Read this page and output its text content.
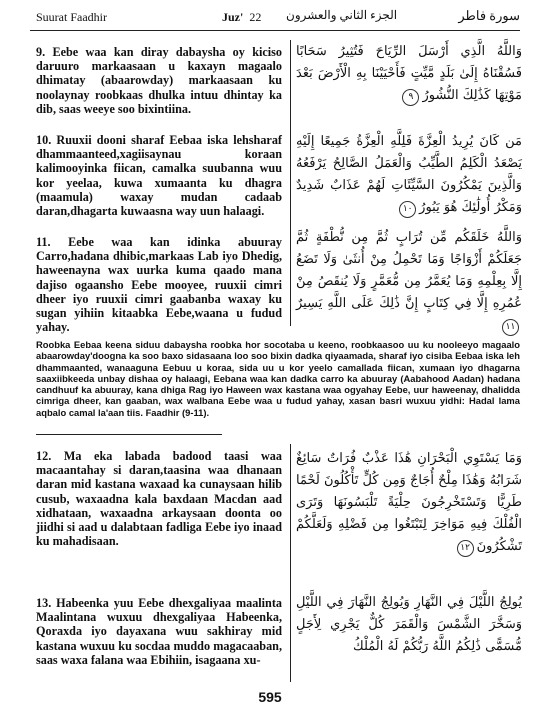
Suurat Faadhir	Juz' 22 الجزء الثاني والعشرون	سورة فاطر

9. Eebe waa kan diray dabaysha oy kiciso daruuro markaasaan u kaxayn magaalo dhimatay (abaarowday) markaasaan ku noolaynay roobkaas dhulka intuu dhintay ka dib, saas weeye soo bixintiina.

وَاللَّهُ الَّذِي أَرْسَلَ الرِّيَاحَ فَتُثِيرُ سَحَابًا فَسُقْنَاهُ إِلَىٰ بَلَدٍ مَّيِّتٍ فَأَحْيَيْنَا بِهِ الْأَرْضَ بَعْدَ مَوْتِهَا كَذَٰلِكَ النُّشُورُ٩

10. Ruuxii dooni sharaf Eebaa iska lehsharaf dhammaanteed,xagiisaynau koraan kalimooyinka fiican, camalka suubanna wuu kor yeelaa, kuwa xumaanta ku dhagra (maamula) waxay mudan cadaab daran,dhagarta kuwaasna way uun halaagi.

مَن كَانَ يُرِيدُ الْعِزَّةَ فَلِلَّهِ الْعِزَّةُ جَمِيعًا إِلَيْهِ يَصْعَدُ الْكَلِمُ الطَّيِّبُ وَالْعَمَلُ الصَّالِحُ يَرْفَعُهُ وَالَّذِينَ يَمْكُرُونَ السَّيِّئَاتِ لَهُمْ عَذَابٌ شَدِيدٌ وَمَكْرُ أُولَٰئِكَ هُوَ يَبُورُ١٠

11. Eebe waa kan idinka abuuray Carro,hadana dhibic,markaas Lab iyo Dhedig, haweenayna wax uurka kuma qaado mana dajiso ogaansho Eebe mooyee, ruuxii cimri dheer iyo ruuxii cimri gaabanba waxay ku sugan yihiin kitaabka Eebe,waana u fudud yahay.

وَاللَّهُ خَلَقَكُم مِّن تُرَابٍ ثُمَّ مِن نُّطْفَةٍ ثُمَّ جَعَلَكُمْ أَزْوَاجًا وَمَا تَحْمِلُ مِنْ أُنثَىٰ وَلَا تَضَعُ إِلَّا بِعِلْمِهِ وَمَا يُعَمَّرُ مِن مُّعَمَّرٍ وَلَا يُنقَصُ مِنْ عُمُرِهِ إِلَّا فِي كِتَابٍ إِنَّ ذَٰلِكَ عَلَى اللَّهِ يَسِيرٌ١١

Roobka Eebaa keena siduu dabaysha roobka hor socotaba u keeno, roobkaasoo uu ku nooleeyo magaalo abaarowday'doogna ka soo baxo sidasaana loo soo bixin dadka qiyaamada, sharaf iyo cisiba Eebaa iska leh dhammaanted, wanaaguna Eebuu u koraa, sida uu u kor yeelo camallada fiican, xumaan iyo dhagarna saaxiibkeeda unbay dishaa oy halaagi, Eebana waa kan dadka carro ka abuuray (Aabahood Aadan) hadana candhuuf ka abuuray, kana dhiga Rag iyo Haween wax kastana waa ogyahay Eebe, uur haweenay, dhalidda cimriga dheer, kan gaaban, wax walbana Eebe waa u fudud yahay, xasan basri wuxuu yidhi: Hadal lama aqbalo camal la'aan tiis. Faadhir (9-11).

12. Ma eka labada badood taasi waa macaantahay si daran,taasina waa dhanaan daran mid kastana waxaad ka cunaysaan hilib cusub, waxaadna kala baxdaan Macdan aad xidhataan, waxaadna arkaysaan doonta oo jiidhi si aad u dalabtaan fadliga Eebe iyo inaad ku mahadisaan.

وَمَا يَسْتَوِي الْبَحْرَانِ هَٰذَا عَذْبٌ فُرَاتٌ سَائِغٌ شَرَابُهُ وَهَٰذَا مِلْحٌ أُجَاجٌ وَمِن كُلٍّ تَأْكُلُونَ لَحْمًا طَرِيًّا وَتَسْتَخْرِجُونَ حِلْيَةً تَلْبَسُونَهَا وَتَرَى الْفُلْكَ فِيهِ مَوَاخِرَ لِتَبْتَغُوا مِن فَضْلِهِ وَلَعَلَّكُمْ تَشْكُرُونَ١٢

13. Habeenka yuu Eebe dhexgaliyaa maalinta Maalintana wuxuu dhexgaliyaa Habeenka, Qoraxda iyo dayaxana wuu sakhiray mid kastana wuxuu ku socdaa muddo magacaaban, saas waxa falana waa Ebihiin, isagaana xu-

يُولِجُ اللَّيْلَ فِي النَّهَارِ وَيُولِجُ النَّهَارَ فِي اللَّيْلِ وَسَخَّرَ الشَّمْسَ وَالْقَمَرَ كُلٌّ يَجْرِي لِأَجَلٍ مُّسَمًّى ذَٰلِكُمُ اللَّهُ رَبُّكُمْ لَهُ الْمُلْكُ

595
